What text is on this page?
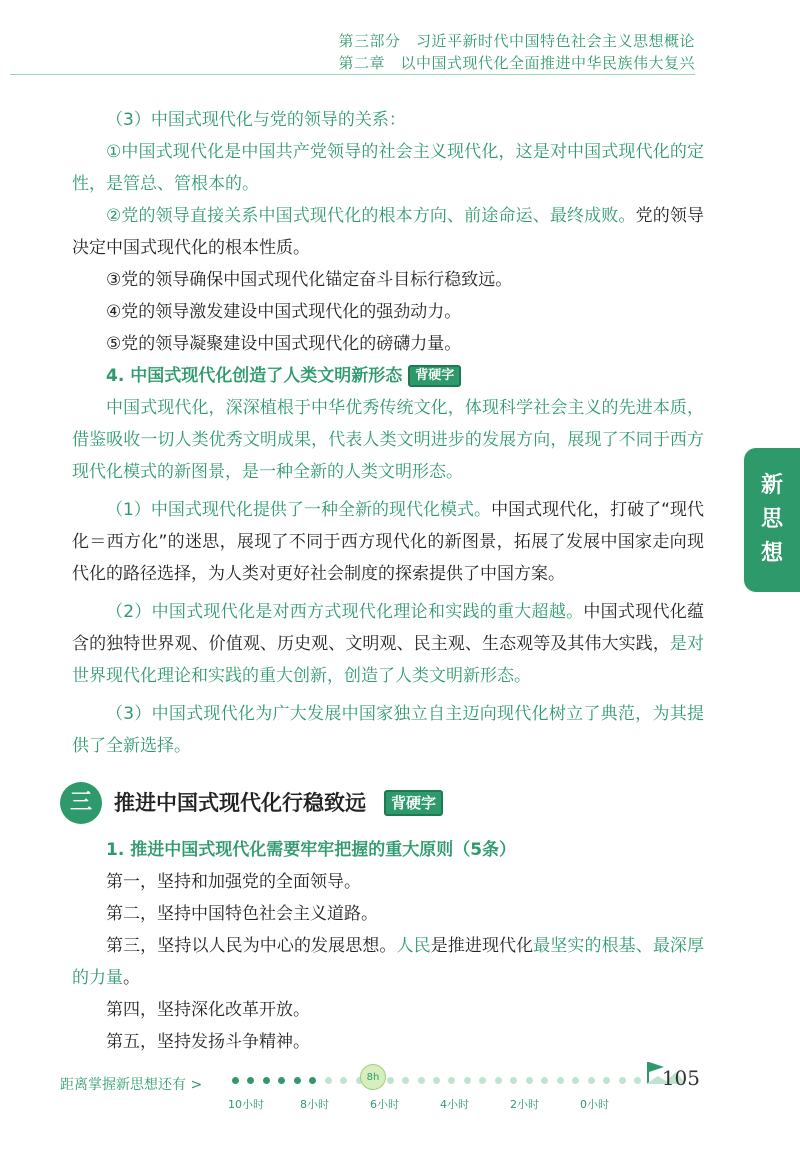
第三部分　习近平新时代中国特色社会主义思想概论
第二章　以中国式现代化全面推进中华民族伟大复兴

（3）中国式现代化与党的领导的关系：

①中国式现代化是中国共产党领导的社会主义现代化，这是对中国式现代化的定性，是管总、管根本的。

②党的领导直接关系中国式现代化的根本方向、前途命运、最终成败。党的领导决定中国式现代化的根本性质。

③党的领导确保中国式现代化锚定奋斗目标行稳致远。

④党的领导激发建设中国式现代化的强劲动力。

⑤党的领导凝聚建设中国式现代化的磅礴力量。

4. 中国式现代化创造了人类文明新形态 背硬字

中国式现代化，深深植根于中华优秀传统文化，体现科学社会主义的先进本质，借鉴吸收一切人类优秀文明成果，代表人类文明进步的发展方向，展现了不同于西方现代化模式的新图景，是一种全新的人类文明形态。

（1）中国式现代化提供了一种全新的现代化模式。中国式现代化，打破了“现代化＝西方化”的迷思，展现了不同于西方现代化的新图景，拓展了发展中国家走向现代化的路径选择，为人类对更好社会制度的探索提供了中国方案。

（2）中国式现代化是对西方式现代化理论和实践的重大超越。中国式现代化蕴含的独特世界观、价值观、历史观、文明观、民主观、生态观等及其伟大实践，是对世界现代化理论和实践的重大创新，创造了人类文明新形态。

（3）中国式现代化为广大发展中国家独立自主迈向现代化树立了典范，为其提供了全新选择。

三	推进中国式现代化行稳致远	背硬字

1. 推进中国式现代化需要牢牢把握的重大原则（5条）

第一，坚持和加强党的全面领导。

第二，坚持中国特色社会主义道路。

第三，坚持以人民为中心的发展思想。人民是推进现代化最坚实的根基、最深厚的力量。

第四，坚持深化改革开放。

第五，坚持发扬斗争精神。

新
思
想
距离掌握新思想还有 >	8h
10小时	8小时	6小时	4小时	2小时	0小时
105
